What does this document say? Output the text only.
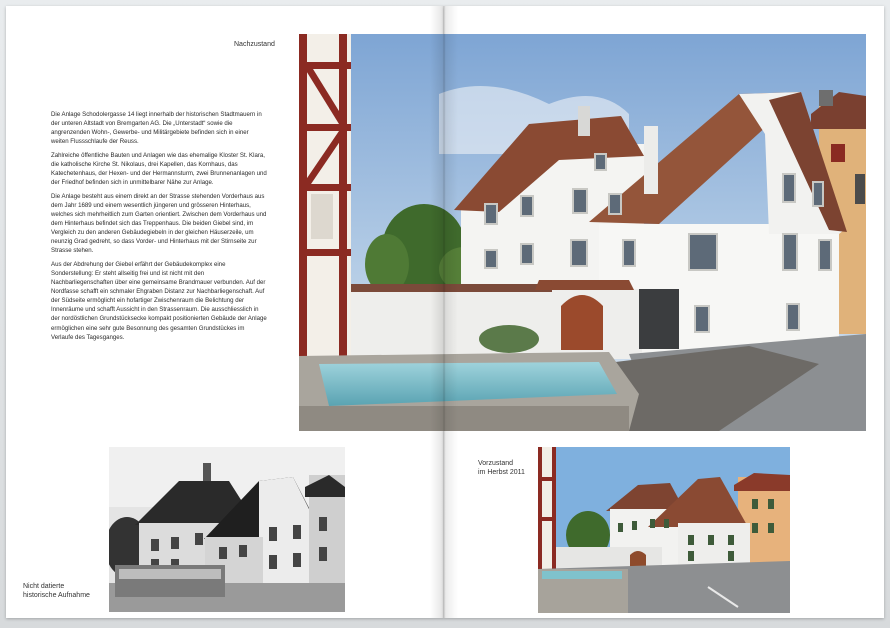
Nachzustand

Die Anlage Schodolergasse 14 liegt innerhalb der historischen Stadtmauern in der unteren Altstadt von Bremgarten AG. Die „Unterstadt“ sowie die angrenzenden Wohn-, Gewerbe- und Militärgebiete befinden sich in einer weiten Flussschlaufe der Reuss.

Zahlreiche öffentliche Bauten und Anlagen wie das ehemalige Kloster St. Klara, die katholische Kirche St. Nikolaus, drei Kapellen, das Kornhaus, das Katechetenhaus, der Hexen- und der Hermannsturm, zwei Brunnenanlagen und der Friedhof befinden sich in unmittelbarer Nähe zur Anlage.

Die Anlage besteht aus einem direkt an der Strasse stehenden Vorderhaus aus dem Jahr 1689 und einem wesentlich jüngeren und grösseren Hinterhaus, welches sich mehrheitlich zum Garten orientiert. Zwischen dem Vorderhaus und dem Hinterhaus befindet sich das Treppenhaus. Die beiden Giebel sind, im Vergleich zu den anderen Gebäudegiebeln in der gleichen Häuserzeile, um neunzig Grad gedreht, so dass Vorder- und Hinterhaus mit der Stirnseite zur Strasse stehen.

Aus der Abdrehung der Giebel erfährt der Gebäudekomplex eine Sonderstellung: Er steht allseitig frei und ist nicht mit den Nachbarliegenschaften über eine gemeinsame Brandmauer verbunden. Auf der Nordfasse schafft ein schmaler Ehgraben Distanz zur Nachbarliegenschaft. Auf der Südseite ermöglicht ein hofartiger Zwischenraum die Belichtung der Innenräume und schafft Aussicht in den Strassenraum. Die ausschliesslich in der nordöstlichen Grundstücksecke kompakt positionierten Gebäude der Anlage ermöglichen eine sehr gute Besonnung des gesamten Grundstückes im Verlaufe des Tagesganges.

Nicht datierte
historische Aufnahme
Vorzustand
im Herbst 2011
